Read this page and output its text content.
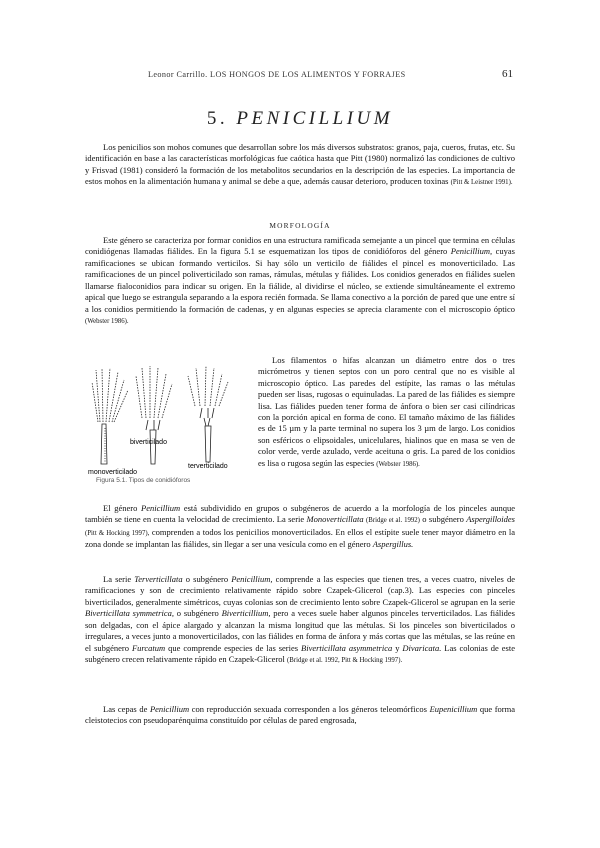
Leonor Carrillo. LOS HONGOS DE LOS ALIMENTOS Y FORRAJES	61
5. PENICILLIUM

Los penicilios son mohos comunes que desarrollan sobre los más diversos substratos: granos, paja, cueros, frutas, etc. Su identificación en base a las características morfológicas fue caótica hasta que Pitt (1980) normalizó las condiciones de cultivo y Frisvad (1981) consideró la formación de los metabolitos secundarios en la descripción de las especies. La importancia de estos mohos en la alimentación humana y animal se debe a que, además causar deterioro, producen toxinas (Pitt & Leistner 1991).

MORFOLOGÍA

Este género se caracteriza por formar conidios en una estructura ramificada semejante a un pincel que termina en células conidiógenas llamadas fiálides. En la figura 5.1 se esquematizan los tipos de conidióforos del género Penicillium, cuyas ramificaciones se ubican formando verticilos. Si hay sólo un verticilo de fiálides el pincel es monoverticilado. Las ramificaciones de un pincel poliverticilado son ramas, rámulas, métulas y fiálides. Los conidios generados en fiálides suelen llamarse fialoconidios para indicar su origen. En la fiálide, al dividirse el núcleo, se extiende simultáneamente el extremo apical que luego se estrangula separando a la espora recién formada. Se llama conectivo a la porción de pared que une entre sí a los conidios permitiendo la formación de cadenas, y en algunas especies se aprecia claramente con el microscopio óptico (Webster 1986).

monoverticilado
biverticilado
terverticilado
Figura 5.1. Tipos de conidióforos

Los filamentos o hifas alcanzan un diámetro entre dos o tres micrómetros y tienen septos con un poro central que no es visible al microscopio óptico. Las paredes del estípite, las ramas o las métulas pueden ser lisas, rugosas o equinuladas. La pared de las fiálides es siempre lisa. Las fiálides pueden tener forma de ánfora o bien ser casi cilíndricas con la porción apical en forma de cono. El tamaño máximo de las fiálides es de 15 µm y la parte terminal no supera los 3 µm de largo. Los conidios son esféricos o elipsoidales, unicelulares, hialinos que en masa se ven de color verde, verde azulado, verde aceituna o gris. La pared de los conidios es lisa o rugosa según las especies (Webster 1986).

El género Penicillium está subdividido en grupos o subgéneros de acuerdo a la morfología de los pinceles aunque también se tiene en cuenta la velocidad de crecimiento. La serie Monoverticillata (Bridge et al. 1992) o subgénero Aspergilloides (Pitt & Hocking 1997), comprenden a todos los penicilios monoverticilados. En ellos el estípite suele tener mayor diámetro en la zona donde se implantan las fiálides, sin llegar a ser una vesícula como en el género Aspergillus.

La serie Terverticillata o subgénero Penicillium, comprende a las especies que tienen tres, a veces cuatro, niveles de ramificaciones y son de crecimiento relativamente rápido sobre Czapek-Glicerol (cap.3). Las especies con pinceles biverticilados, generalmente simétricos, cuyas colonias son de crecimiento lento sobre Czapek-Glicerol se agrupan en la serie Biverticillata symmetrica, o subgénero Biverticillium, pero a veces suele haber algunos pinceles terverticilados. Las fiálides son delgadas, con el ápice alargado y alcanzan la misma longitud que las métulas. Si los pinceles son biverticilados o irregulares, a veces junto a monoverticilados, con las fiálides en forma de ánfora y más cortas que las métulas, se las reúne en el subgénero Furcatum que comprende especies de las series Biverticillata asymmetrica y Divaricata. Las colonias de este subgénero crecen relativamente rápido en Czapek-Glicerol (Bridge et al. 1992, Pitt & Hocking 1997).

Las cepas de Penicillium con reproducción sexuada corresponden a los géneros teleomórficos Eupenicillium que forma cleistotecios con pseudoparénquima constituído por células de pared engrosada,
